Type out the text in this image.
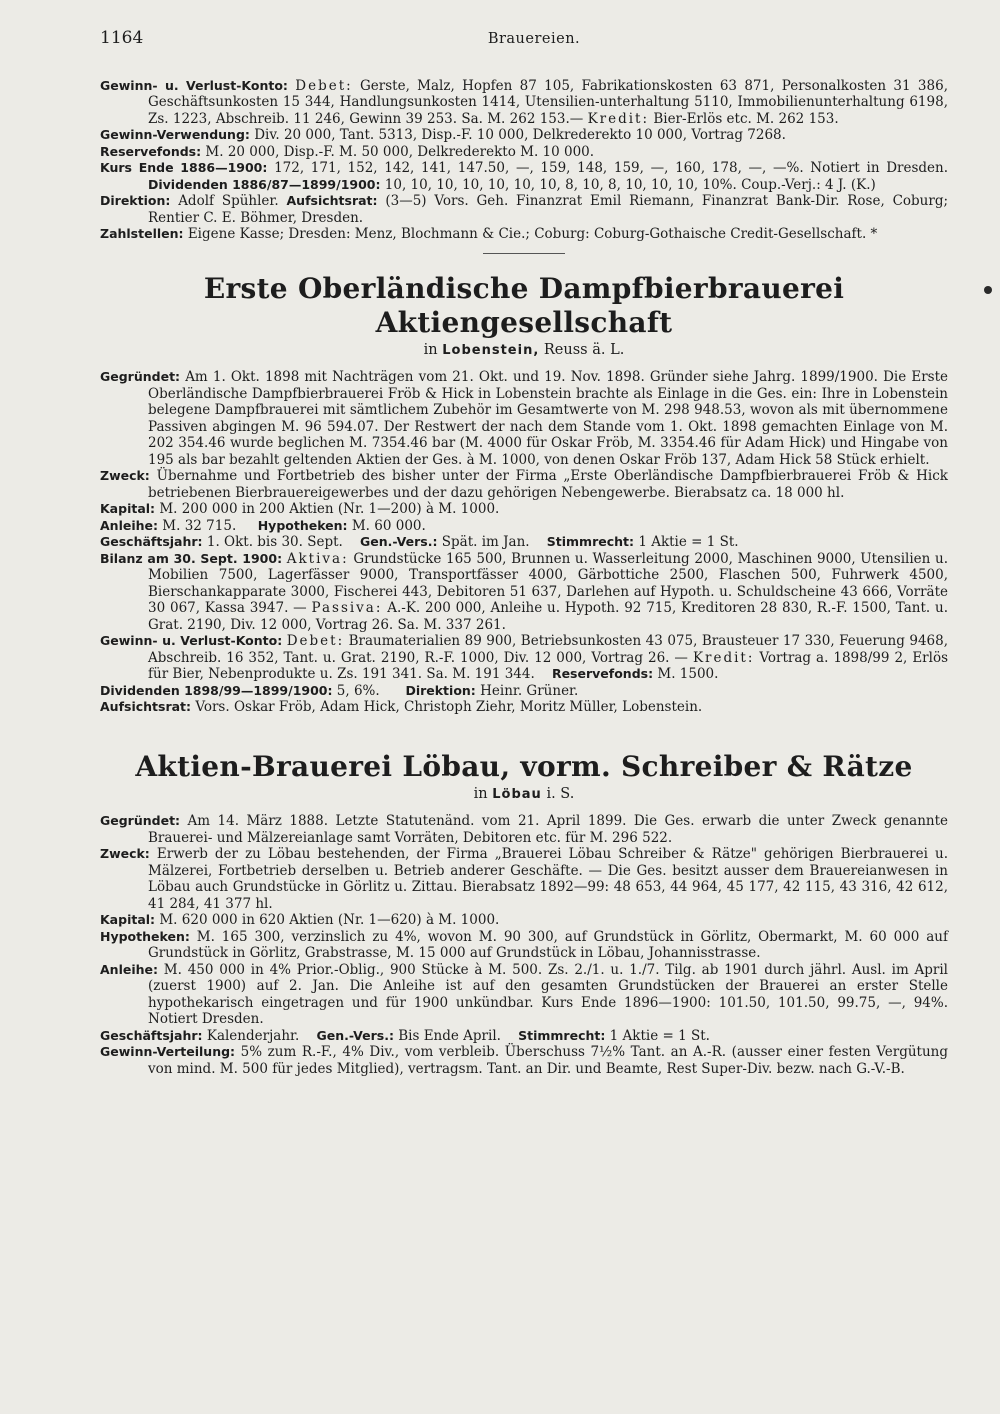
1164	Brauereien.

Gewinn- u. Verlust-Konto: Debet: Gerste, Malz, Hopfen 87 105, Fabrikationskosten 63 871, Personalkosten 31 386, Geschäftsunkosten 15 344, Handlungsunkosten 1414, Utensilien-unterhaltung 5110, Immobilienunterhaltung 6198, Zs. 1223, Abschreib. 11 246, Gewinn 39 253. Sa. M. 262 153.— Kredit: Bier-Erlös etc. M. 262 153.

Gewinn-Verwendung: Div. 20 000, Tant. 5313, Disp.-F. 10 000, Delkrederekto 10 000, Vortrag 7268.

Reservefonds: M. 20 000, Disp.-F. M. 50 000, Delkrederekto M. 10 000.

Kurs Ende 1886—1900: 172, 171, 152, 142, 141, 147.50, —, 159, 148, 159, —, 160, 178, —, —%. Notiert in Dresden. Dividenden 1886/87—1899/1900: 10, 10, 10, 10, 10, 10, 10, 8, 10, 8, 10, 10, 10, 10%. Coup.-Verj.: 4 J. (K.)

Direktion: Adolf Spühler. Aufsichtsrat: (3—5) Vors. Geh. Finanzrat Emil Riemann, Finanzrat Bank-Dir. Rose, Coburg; Rentier C. E. Böhmer, Dresden.

Zahlstellen: Eigene Kasse; Dresden: Menz, Blochmann & Cie.; Coburg: Coburg-Gothaische Credit-Gesellschaft. *

Erste Oberländische Dampfbierbrauerei Aktiengesellschaft
in Lobenstein, Reuss ä. L.

Gegründet: Am 1. Okt. 1898 mit Nachträgen vom 21. Okt. und 19. Nov. 1898. Gründer siehe Jahrg. 1899/1900. Die Erste Oberländische Dampfbierbrauerei Fröb & Hick in Lobenstein brachte als Einlage in die Ges. ein: Ihre in Lobenstein belegene Dampfbrauerei mit sämtlichem Zubehör im Gesamtwerte von M. 298 948.53, wovon als mit übernommene Passiven abgingen M. 96 594.07. Der Restwert der nach dem Stande vom 1. Okt. 1898 gemachten Einlage von M. 202 354.46 wurde beglichen M. 7354.46 bar (M. 4000 für Oskar Fröb, M. 3354.46 für Adam Hick) und Hingabe von 195 als bar bezahlt geltenden Aktien der Ges. à M. 1000, von denen Oskar Fröb 137, Adam Hick 58 Stück erhielt.

Zweck: Übernahme und Fortbetrieb des bisher unter der Firma „Erste Oberländische Dampfbierbrauerei Fröb & Hick betriebenen Bierbrauereigewerbes und der dazu gehörigen Nebengewerbe. Bierabsatz ca. 18 000 hl.

Kapital: M. 200 000 in 200 Aktien (Nr. 1—200) à M. 1000.

Anleihe: M. 32 715. Hypotheken: M. 60 000.

Geschäftsjahr: 1. Okt. bis 30. Sept. Gen.-Vers.: Spät. im Jan. Stimmrecht: 1 Aktie = 1 St.

Bilanz am 30. Sept. 1900: Aktiva: Grundstücke 165 500, Brunnen u. Wasserleitung 2000, Maschinen 9000, Utensilien u. Mobilien 7500, Lagerfässer 9000, Transportfässer 4000, Gärbottiche 2500, Flaschen 500, Fuhrwerk 4500, Bierschankapparate 3000, Fischerei 443, Debitoren 51 637, Darlehen auf Hypoth. u. Schuldscheine 43 666, Vorräte 30 067, Kassa 3947. — Passiva: A.-K. 200 000, Anleihe u. Hypoth. 92 715, Kreditoren 28 830, R.-F. 1500, Tant. u. Grat. 2190, Div. 12 000, Vortrag 26. Sa. M. 337 261.

Gewinn- u. Verlust-Konto: Debet: Braumaterialien 89 900, Betriebsunkosten 43 075, Brausteuer 17 330, Feuerung 9468, Abschreib. 16 352, Tant. u. Grat. 2190, R.-F. 1000, Div. 12 000, Vortrag 26. — Kredit: Vortrag a. 1898/99 2, Erlös für Bier, Nebenprodukte u. Zs. 191 341. Sa. M. 191 344. Reservefonds: M. 1500.

Dividenden 1898/99—1899/1900: 5, 6%. Direktion: Heinr. Grüner.

Aufsichtsrat: Vors. Oskar Fröb, Adam Hick, Christoph Ziehr, Moritz Müller, Lobenstein.

Aktien-Brauerei Löbau, vorm. Schreiber & Rätze
in Löbau i. S.

Gegründet: Am 14. März 1888. Letzte Statutenänd. vom 21. April 1899. Die Ges. erwarb die unter Zweck genannte Brauerei- und Mälzereianlage samt Vorräten, Debitoren etc. für M. 296 522.

Zweck: Erwerb der zu Löbau bestehenden, der Firma „Brauerei Löbau Schreiber & Rätze" gehörigen Bierbrauerei u. Mälzerei, Fortbetrieb derselben u. Betrieb anderer Geschäfte. — Die Ges. besitzt ausser dem Brauereianwesen in Löbau auch Grundstücke in Görlitz u. Zittau. Bierabsatz 1892—99: 48 653, 44 964, 45 177, 42 115, 43 316, 42 612, 41 284, 41 377 hl.

Kapital: M. 620 000 in 620 Aktien (Nr. 1—620) à M. 1000.

Hypotheken: M. 165 300, verzinslich zu 4%, wovon M. 90 300, auf Grundstück in Görlitz, Obermarkt, M. 60 000 auf Grundstück in Görlitz, Grabstrasse, M. 15 000 auf Grundstück in Löbau, Johannisstrasse.

Anleihe: M. 450 000 in 4% Prior.-Oblig., 900 Stücke à M. 500. Zs. 2./1. u. 1./7. Tilg. ab 1901 durch jährl. Ausl. im April (zuerst 1900) auf 2. Jan. Die Anleihe ist auf den gesamten Grundstücken der Brauerei an erster Stelle hypothekarisch eingetragen und für 1900 unkündbar. Kurs Ende 1896—1900: 101.50, 101.50, 99.75, —, 94%. Notiert Dresden.

Geschäftsjahr: Kalenderjahr. Gen.-Vers.: Bis Ende April. Stimmrecht: 1 Aktie = 1 St.

Gewinn-Verteilung: 5% zum R.-F., 4% Div., vom verbleib. Überschuss 7½% Tant. an A.-R. (ausser einer festen Vergütung von mind. M. 500 für jedes Mitglied), vertragsm. Tant. an Dir. und Beamte, Rest Super-Div. bezw. nach G.-V.-B.
